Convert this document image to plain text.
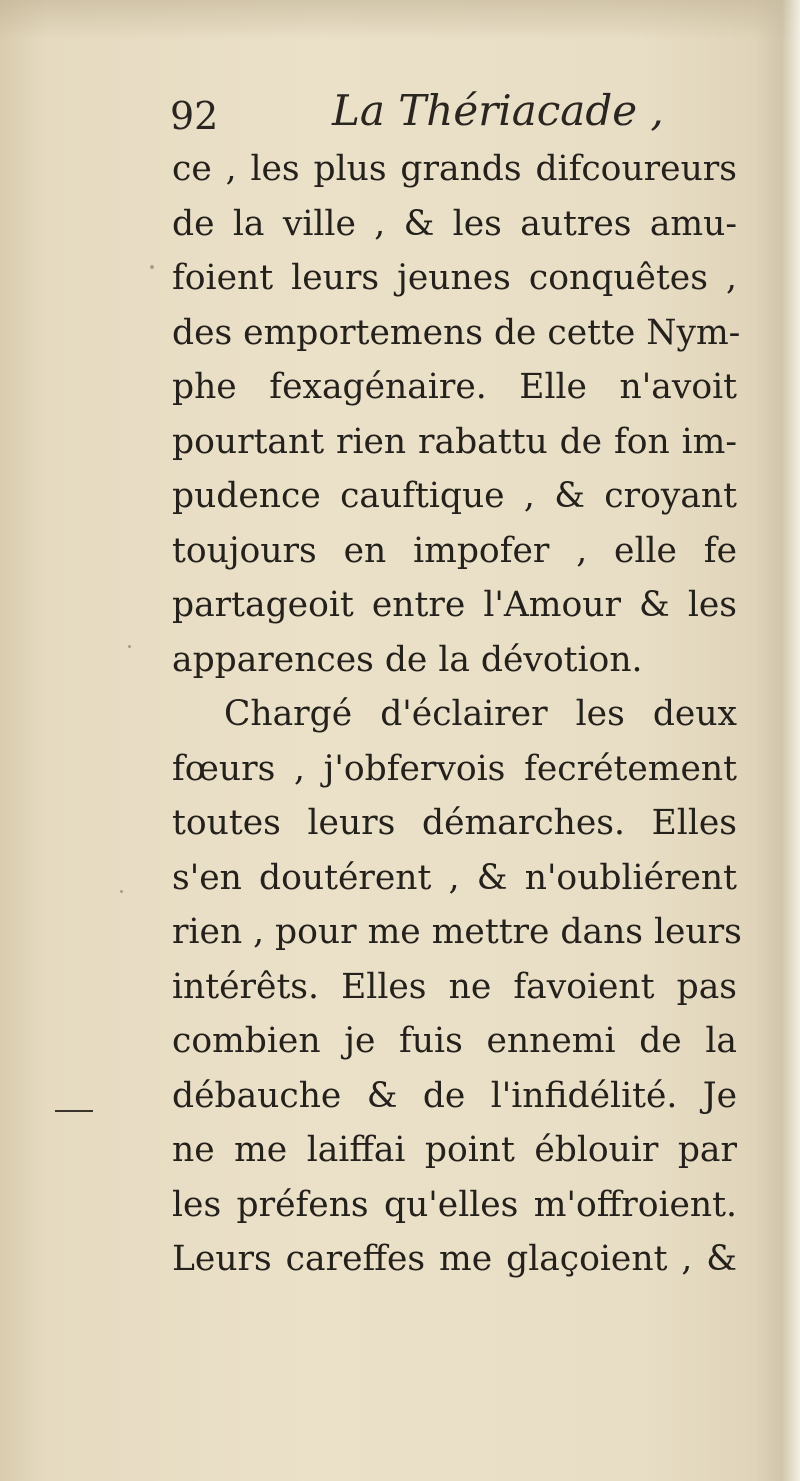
92	La Thériacade ,
ce , les plus grands difcoureurs
de la ville , & les autres amu-
foient leurs jeunes conquêtes ,
des emportemens de cette Nym-
phe fexagénaire. Elle n'avoit
pourtant rien rabattu de fon im-
pudence cauftique , & croyant
toujours en impofer , elle fe
partageoit entre l'Amour & les
apparences de la dévotion.
Chargé d'éclairer les deux
fœurs , j'obfervois fecrétement
toutes leurs démarches. Elles
s'en doutérent , & n'oubliérent
rien , pour me mettre dans leurs
intérêts. Elles ne favoient pas
combien je fuis ennemi de la
débauche & de l'infidélité. Je
ne me laiffai point éblouir par
les préfens qu'elles m'offroient.
Leurs careffes me glaçoient , &
